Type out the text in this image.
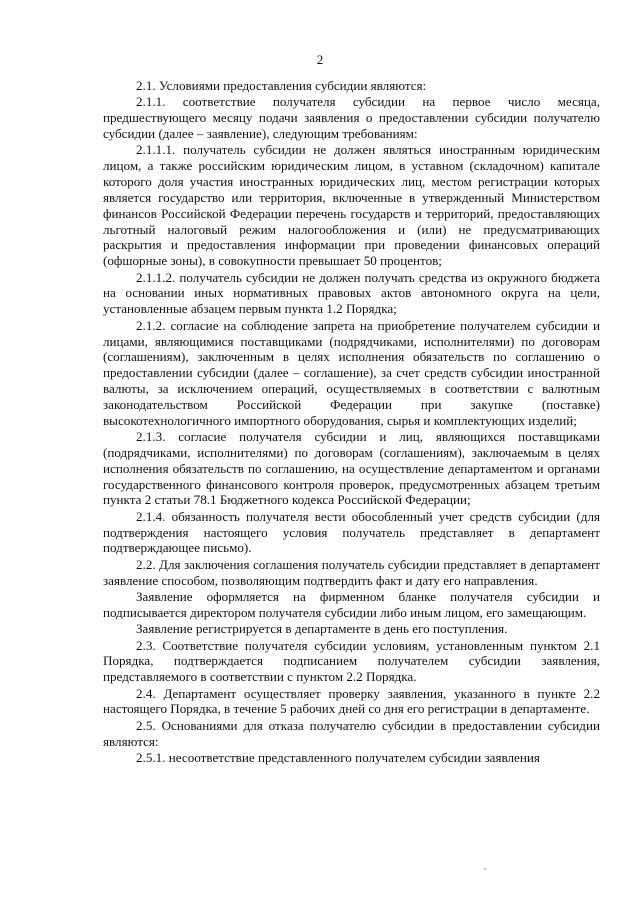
2

2.1. Условиями предоставления субсидии являются:

2.1.1. соответствие получателя субсидии на первое число месяца, предшествующего месяцу подачи заявления о предоставлении субсидии получателю субсидии (далее – заявление), следующим требованиям:

2.1.1.1. получатель субсидии не должен являться иностранным юридическим лицом, а также российским юридическим лицом, в уставном (складочном) капитале которого доля участия иностранных юридических лиц, местом регистрации которых является государство или территория, включенные в утвержденный Министерством финансов Российской Федерации перечень государств и территорий, предоставляющих льготный налоговый режим налогообложения и (или) не предусматривающих раскрытия и предоставления информации при проведении финансовых операций (офшорные зоны), в совокупности превышает 50 процентов;

2.1.1.2. получатель субсидии не должен получать средства из окружного бюджета на основании иных нормативных правовых актов автономного округа на цели, установленные абзацем первым пункта 1.2 Порядка;

2.1.2. согласие на соблюдение запрета на приобретение получателем субсидии и лицами, являющимися поставщиками (подрядчиками, исполнителями) по договорам (соглашениям), заключенным в целях исполнения обязательств по соглашению о предоставлении субсидии (далее – соглашение), за счет средств субсидии иностранной валюты, за исключением операций, осуществляемых в соответствии с валютным законодательством Российской Федерации при закупке (поставке) высокотехнологичного импортного оборудования, сырья и комплектующих изделий;

2.1.3. согласие получателя субсидии и лиц, являющихся поставщиками (подрядчиками, исполнителями) по договорам (соглашениям), заключаемым в целях исполнения обязательств по соглашению, на осуществление департаментом и органами государственного финансового контроля проверок, предусмотренных абзацем третьим пункта 2 статьи 78.1 Бюджетного кодекса Российской Федерации;

2.1.4. обязанность получателя вести обособленный учет средств субсидии (для подтверждения настоящего условия получатель представляет в департамент подтверждающее письмо).

2.2. Для заключения соглашения получатель субсидии представляет в департамент заявление способом, позволяющим подтвердить факт и дату его направления.

Заявление оформляется на фирменном бланке получателя субсидии и подписывается директором получателя субсидии либо иным лицом, его замещающим.

Заявление регистрируется в департаменте в день его поступления.

2.3. Соответствие получателя субсидии условиям, установленным пунктом 2.1 Порядка, подтверждается подписанием получателем субсидии заявления, представляемого в соответствии с пунктом 2.2 Порядка.

2.4. Департамент осуществляет проверку заявления, указанного в пункте 2.2 настоящего Порядка, в течение 5 рабочих дней со дня его регистрации в департаменте.

2.5. Основаниями для отказа получателю субсидии в предоставлении субсидии являются:

2.5.1. несоответствие представленного получателем субсидии заявления
